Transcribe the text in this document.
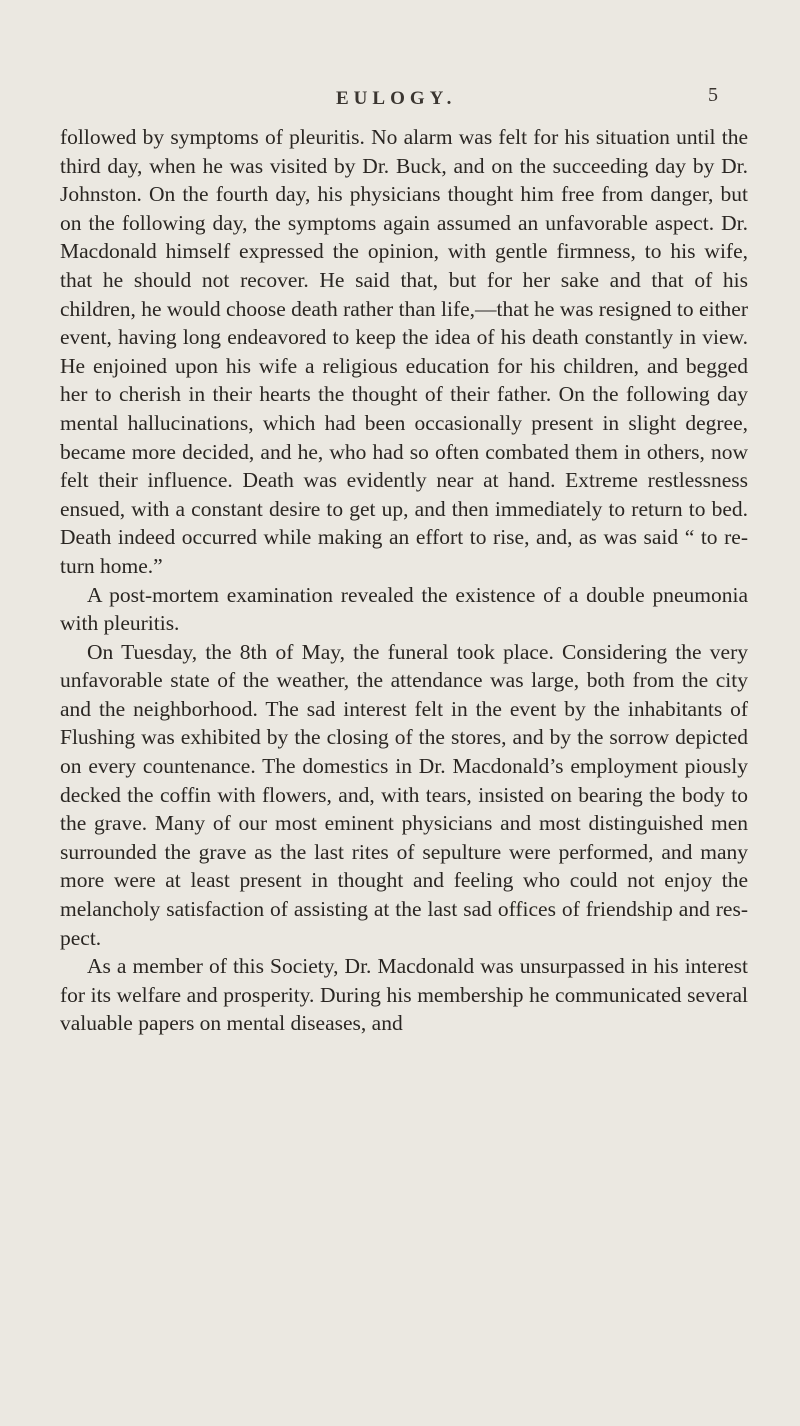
EULOGY.	5

followed by symptoms of pleuritis. No alarm was felt for his situation until the third day, when he was visited by Dr. Buck, and on the succeeding day by Dr. Johnston. On the fourth day, his physicians thought him free from danger, but on the following day, the symptoms again assumed an unfavorable aspect. Dr. Macdonald himself expressed the opinion, with gentle firmness, to his wife, that he should not recover. He said that, but for her sake and that of his children, he would choose death rather than life,—that he was resigned to either event, having long endeavored to keep the idea of his death constantly in view. He enjoined upon his wife a religious education for his children, and begged her to cherish in their hearts the thought of their father. On the following day mental hallucinations, which had been occasionally present in slight degree, became more decided, and he, who had so often combated them in others, now felt their influence. Death was evidently near at hand. Extreme restlessness ensued, with a constant desire to get up, and then immediately to return to bed. Death indeed occurred while making an effort to rise, and, as was said “ to return home.”

A post-mortem examination revealed the existence of a double pneumonia with pleuritis.

On Tuesday, the 8th of May, the funeral took place. Considering the very unfavorable state of the weather, the attendance was large, both from the city and the neighborhood. The sad interest felt in the event by the inhabitants of Flushing was exhibited by the closing of the stores, and by the sorrow depicted on every countenance. The domestics in Dr. Macdonald’s employment piously decked the coffin with flowers, and, with tears, insisted on bearing the body to the grave. Many of our most eminent physicians and most distinguished men surrounded the grave as the last rites of sepulture were performed, and many more were at least present in thought and feeling who could not enjoy the melancholy satisfaction of assisting at the last sad offices of friendship and respect.

As a member of this Society, Dr. Macdonald was unsurpassed in his interest for its welfare and prosperity. During his membership he communicated several valuable papers on mental diseases, and
